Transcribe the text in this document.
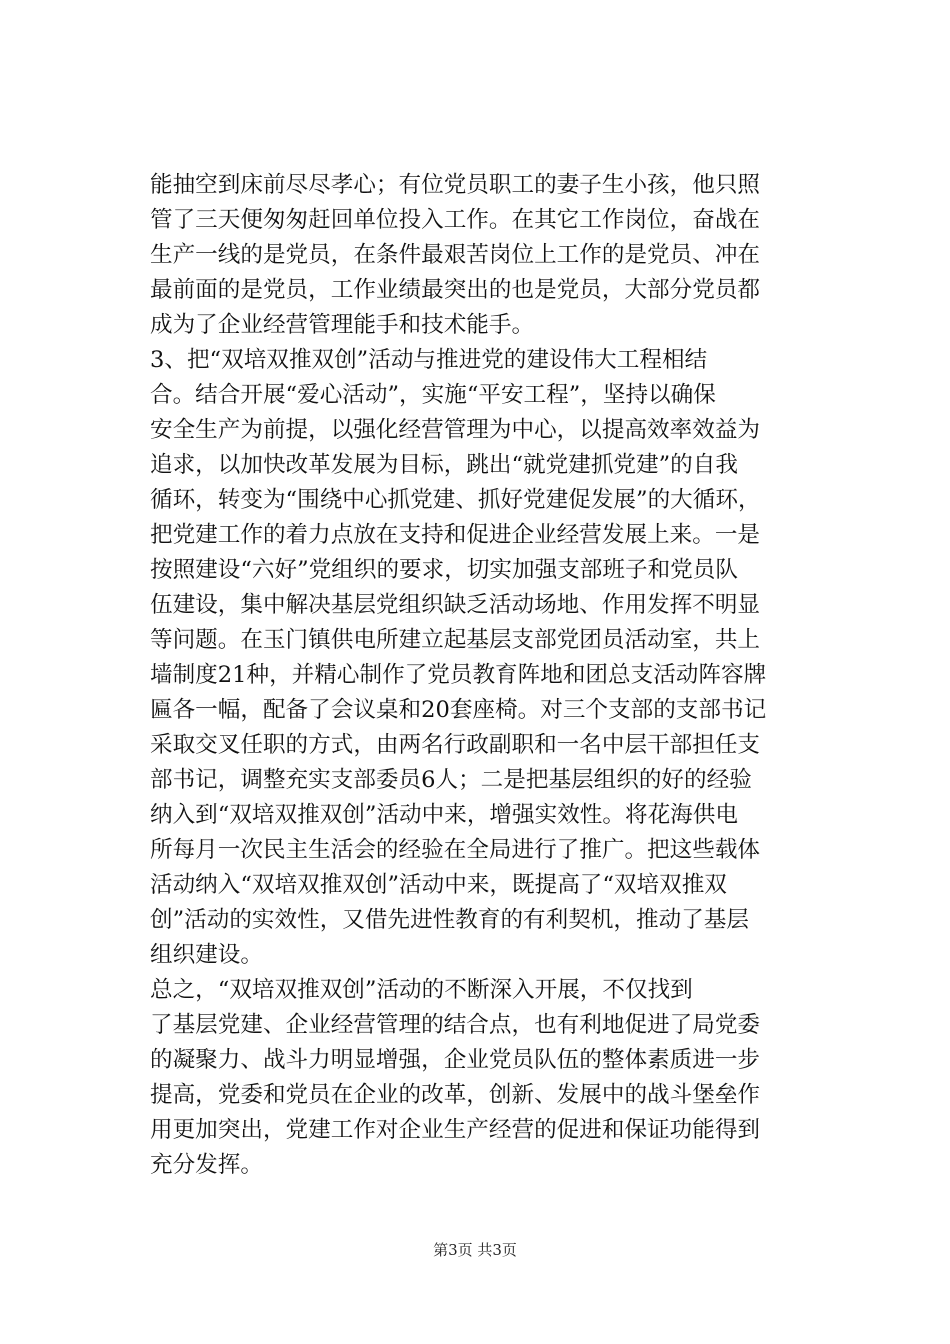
能抽空到床前尽尽孝心；有位党员职工的妻子生小孩，他只照
管了三天便匆匆赶回单位投入工作。在其它工作岗位，奋战在
生产一线的是党员，在条件最艰苦岗位上工作的是党员、冲在
最前面的是党员，工作业绩最突出的也是党员，大部分党员都
成为了企业经营管理能手和技术能手。
3、把“双培双推双创”活动与推进党的建设伟大工程相结
合。结合开展“爱心活动”，实施“平安工程”，坚持以确保
安全生产为前提，以强化经营管理为中心，以提高效率效益为
追求，以加快改革发展为目标，跳出“就党建抓党建”的自我
循环，转变为“围绕中心抓党建、抓好党建促发展”的大循环，
把党建工作的着力点放在支持和促进企业经营发展上来。一是
按照建设“六好”党组织的要求，切实加强支部班子和党员队
伍建设，集中解决基层党组织缺乏活动场地、作用发挥不明显
等问题。在玉门镇供电所建立起基层支部党团员活动室，共上
墙制度21种，并精心制作了党员教育阵地和团总支活动阵容牌
匾各一幅，配备了会议桌和20套座椅。对三个支部的支部书记
采取交叉任职的方式，由两名行政副职和一名中层干部担任支
部书记，调整充实支部委员6人；二是把基层组织的好的经验
纳入到“双培双推双创”活动中来，增强实效性。将花海供电
所每月一次民主生活会的经验在全局进行了推广。把这些载体
活动纳入“双培双推双创”活动中来，既提高了“双培双推双
创”活动的实效性，又借先进性教育的有利契机，推动了基层
组织建设。
总之，“双培双推双创”活动的不断深入开展，不仅找到
了基层党建、企业经营管理的结合点，也有利地促进了局党委
的凝聚力、战斗力明显增强，企业党员队伍的整体素质进一步
提高，党委和党员在企业的改革，创新、发展中的战斗堡垒作
用更加突出，党建工作对企业生产经营的促进和保证功能得到
充分发挥。
第3页 共3页
